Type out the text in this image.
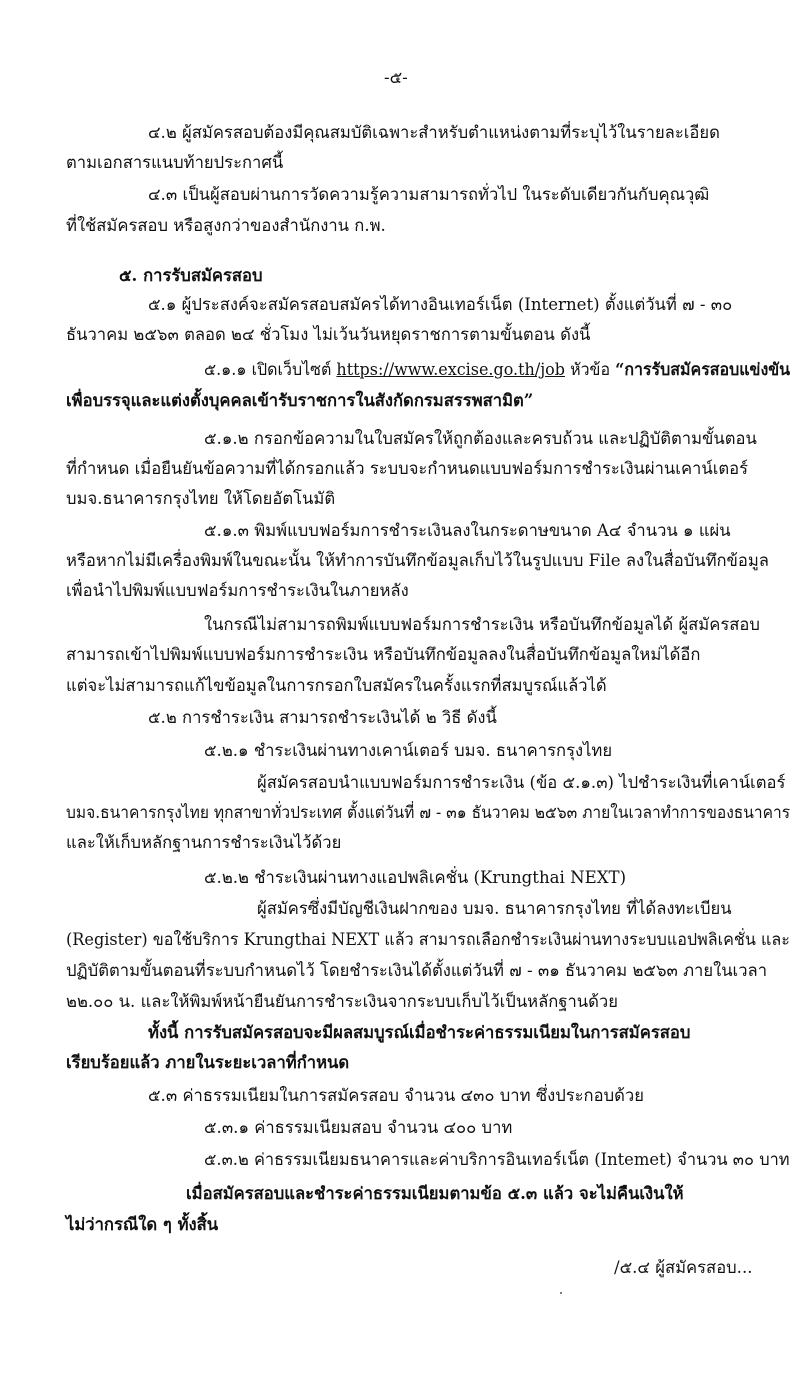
-๕-
๔.๒ ผู้สมัครสอบต้องมีคุณสมบัติเฉพาะสำหรับตำแหน่งตามที่ระบุไว้ในรายละเอียด
ตามเอกสารแนบท้ายประกาศนี้
๔.๓ เป็นผู้สอบผ่านการวัดความรู้ความสามารถทั่วไป ในระดับเดียวกันกับคุณวุฒิ
ที่ใช้สมัครสอบ หรือสูงกว่าของสำนักงาน ก.พ.
๕. การรับสมัครสอบ
๕.๑ ผู้ประสงค์จะสมัครสอบสมัครได้ทางอินเทอร์เน็ต (Internet) ตั้งแต่วันที่ ๗ - ๓๐
ธันวาคม ๒๕๖๓ ตลอด ๒๔ ชั่วโมง ไม่เว้นวันหยุดราชการตามขั้นตอน ดังนี้
๕.๑.๑ เปิดเว็บไซต์ https://www.excise.go.th/job หัวข้อ “การรับสมัครสอบแข่งขัน
เพื่อบรรจุและแต่งตั้งบุคคลเข้ารับราชการในสังกัดกรมสรรพสามิต”
๕.๑.๒ กรอกข้อความในใบสมัครให้ถูกต้องและครบถ้วน และปฏิบัติตามขั้นตอน
ที่กำหนด เมื่อยืนยันข้อความที่ได้กรอกแล้ว ระบบจะกำหนดแบบฟอร์มการชำระเงินผ่านเคาน์เตอร์
บมจ.ธนาคารกรุงไทย ให้โดยอัตโนมัติ
๕.๑.๓ พิมพ์แบบฟอร์มการชำระเงินลงในกระดาษขนาด A๔ จำนวน ๑ แผ่น
หรือหากไม่มีเครื่องพิมพ์ในขณะนั้น ให้ทำการบันทึกข้อมูลเก็บไว้ในรูปแบบ File ลงในสื่อบันทึกข้อมูล
เพื่อนำไปพิมพ์แบบฟอร์มการชำระเงินในภายหลัง
ในกรณีไม่สามารถพิมพ์แบบฟอร์มการชำระเงิน หรือบันทึกข้อมูลได้ ผู้สมัครสอบ
สามารถเข้าไปพิมพ์แบบฟอร์มการชำระเงิน หรือบันทึกข้อมูลลงในสื่อบันทึกข้อมูลใหม่ได้อีก
แต่จะไม่สามารถแก้ไขข้อมูลในการกรอกใบสมัครในครั้งแรกที่สมบูรณ์แล้วได้
๕.๒ การชำระเงิน สามารถชำระเงินได้ ๒ วิธี ดังนี้
๕.๒.๑ ชำระเงินผ่านทางเคาน์เตอร์ บมจ. ธนาคารกรุงไทย
ผู้สมัครสอบนำแบบฟอร์มการชำระเงิน (ข้อ ๕.๑.๓) ไปชำระเงินที่เคาน์เตอร์
บมจ.ธนาคารกรุงไทย ทุกสาขาทั่วประเทศ ตั้งแต่วันที่ ๗ - ๓๑ ธันวาคม ๒๕๖๓ ภายในเวลาทำการของธนาคาร
และให้เก็บหลักฐานการชำระเงินไว้ด้วย
๕.๒.๒ ชำระเงินผ่านทางแอปพลิเคชั่น (Krungthai NEXT)
ผู้สมัครซึ่งมีบัญชีเงินฝากของ บมจ. ธนาคารกรุงไทย ที่ได้ลงทะเบียน
(Register) ขอใช้บริการ Krungthai NEXT แล้ว สามารถเลือกชำระเงินผ่านทางระบบแอปพลิเคชั่น และ
ปฏิบัติตามขั้นตอนที่ระบบกำหนดไว้ โดยชำระเงินได้ตั้งแต่วันที่ ๗ - ๓๑ ธันวาคม ๒๕๖๓ ภายในเวลา
๒๒.๐๐ น. และให้พิมพ์หน้ายืนยันการชำระเงินจากระบบเก็บไว้เป็นหลักฐานด้วย
ทั้งนี้ การรับสมัครสอบจะมีผลสมบูรณ์เมื่อชำระค่าธรรมเนียมในการสมัครสอบ
เรียบร้อยแล้ว ภายในระยะเวลาที่กำหนด
๕.๓ ค่าธรรมเนียมในการสมัครสอบ จำนวน ๔๓๐ บาท ซึ่งประกอบด้วย
๕.๓.๑ ค่าธรรมเนียมสอบ จำนวน ๔๐๐ บาท
๕.๓.๒ ค่าธรรมเนียมธนาคารและค่าบริการอินเทอร์เน็ต (Intemet) จำนวน ๓๐ บาท
เมื่อสมัครสอบและชำระค่าธรรมเนียมตามข้อ ๕.๓ แล้ว จะไม่คืนเงินให้
ไม่ว่ากรณีใด ๆ ทั้งสิ้น
/๕.๔ ผู้สมัครสอบ...
